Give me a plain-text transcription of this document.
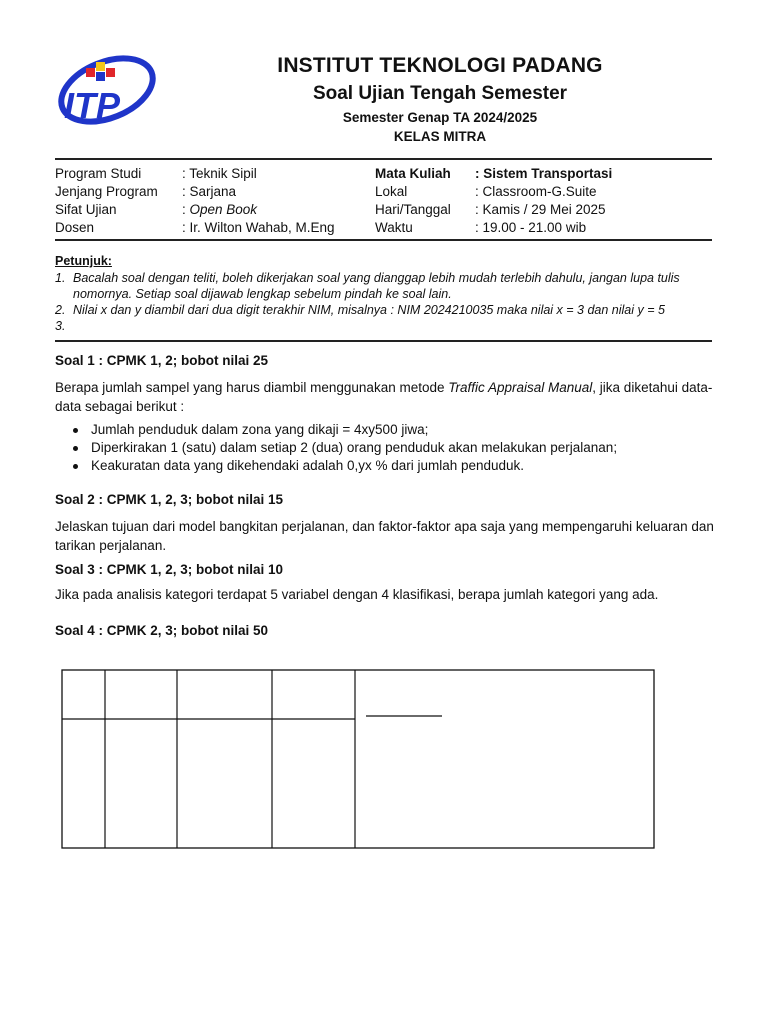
ITP
INSTITUT TEKNOLOGI PADANG
Soal Ujian Tengah Semester
Semester Genap TA 2024/2025
KELAS MITRA
Program Studi
Jenjang Program
Sifat Ujian
Dosen
: Teknik Sipil
: Sarjana
: Open Book
: Ir. Wilton Wahab, M.Eng
Mata Kuliah
Lokal
Hari/Tanggal
Waktu
: Sistem Transportasi
: Classroom-G.Suite
: Kamis / 29 Mei 2025
: 19.00 - 21.00 wib
Petunjuk:
1. Bacalah soal dengan teliti, boleh dikerjakan soal yang dianggap lebih mudah terlebih dahulu, jangan lupa tulis nomornya. Setiap soal dijawab lengkap sebelum pindah ke soal lain.
2. Nilai x dan y diambil dari dua digit terakhir NIM, misalnya : NIM 2024210035 maka nilai x = 3 dan nilai y = 5
3.
Soal 1 : CPMK 1, 2; bobot nilai 25
Berapa jumlah sampel yang harus diambil menggunakan metode Traffic Appraisal Manual, jika diketahui data-data sebagai berikut :
Jumlah penduduk dalam zona yang dikaji = 4xy500 jiwa;
Diperkirakan 1 (satu) dalam setiap 2 (dua) orang penduduk akan melakukan perjalanan;
Keakuratan data yang dikehendaki adalah 0,yx % dari jumlah penduduk.
Soal 2 : CPMK 1, 2, 3; bobot nilai 15
Jelaskan tujuan dari model bangkitan perjalanan, dan faktor-faktor apa saja yang mempengaruhi keluaran dan tarikan perjalanan.
Soal 3 : CPMK 1, 2, 3; bobot nilai 10
Jika pada analisis kategori terdapat 5 variabel dengan 4 klasifikasi, berapa jumlah kategori yang ada.
Soal 4 : CPMK 2, 3; bobot nilai 50
